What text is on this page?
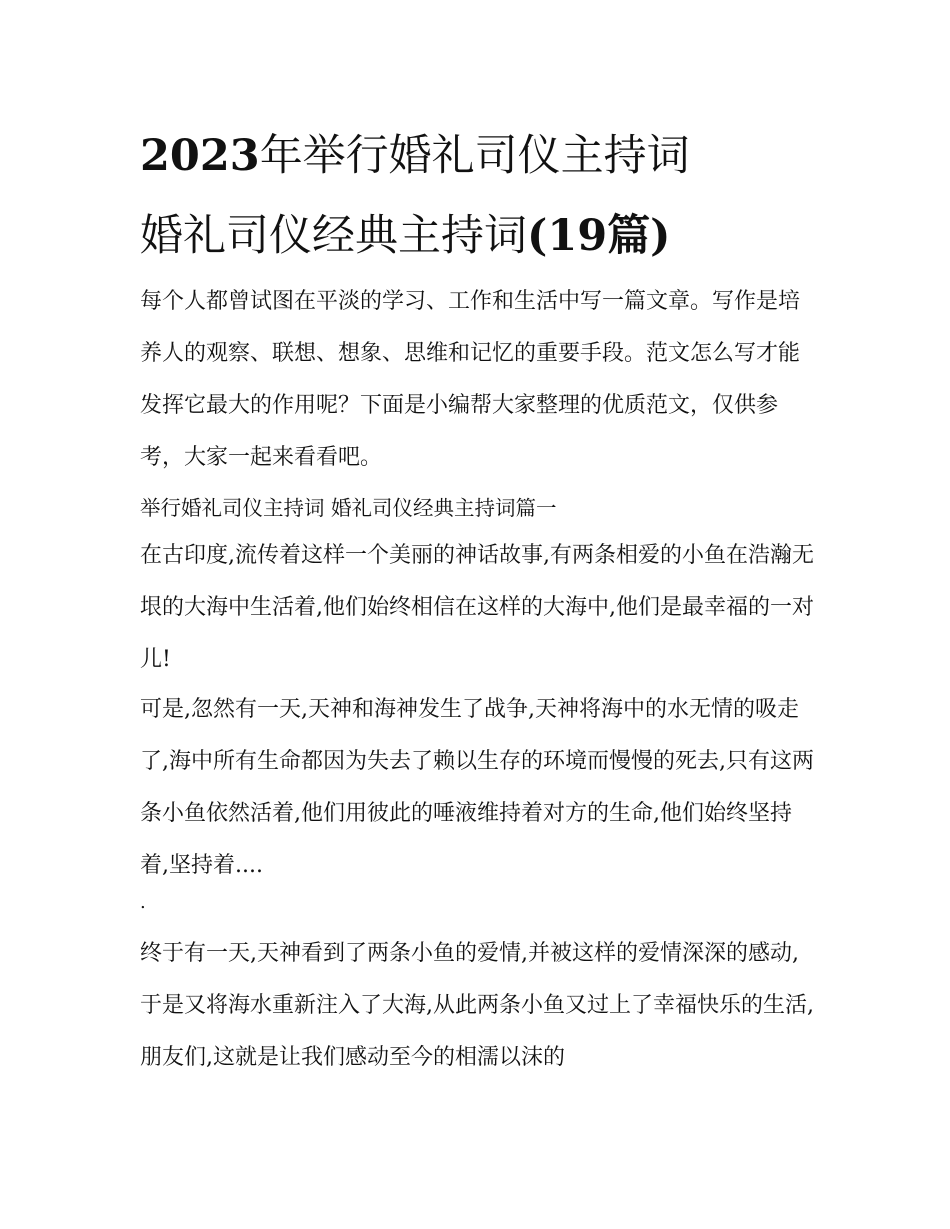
2023年举行婚礼司仪主持词
婚礼司仪经典主持词(19篇)

每个人都曾试图在平淡的学习、工作和生活中写一篇文章。写作是培养人的观察、联想、想象、思维和记忆的重要手段。范文怎么写才能发挥它最大的作用呢？下面是小编帮大家整理的优质范文，仅供参考，大家一起来看看吧。

举行婚礼司仪主持词 婚礼司仪经典主持词篇一

在古印度,流传着这样一个美丽的神话故事,有两条相爱的小鱼在浩瀚无垠的大海中生活着,他们始终相信在这样的大海中,他们是最幸福的一对儿!

可是,忽然有一天,天神和海神发生了战争,天神将海中的水无情的吸走了,海中所有生命都因为失去了赖以生存的环境而慢慢的死去,只有这两条小鱼依然活着,他们用彼此的唾液维持着对方的生命,他们始终坚持着,坚持着....

.

终于有一天,天神看到了两条小鱼的爱情,并被这样的爱情深深的感动,于是又将海水重新注入了大海,从此两条小鱼又过上了幸福快乐的生活,朋友们,这就是让我们感动至今的相濡以沫的
